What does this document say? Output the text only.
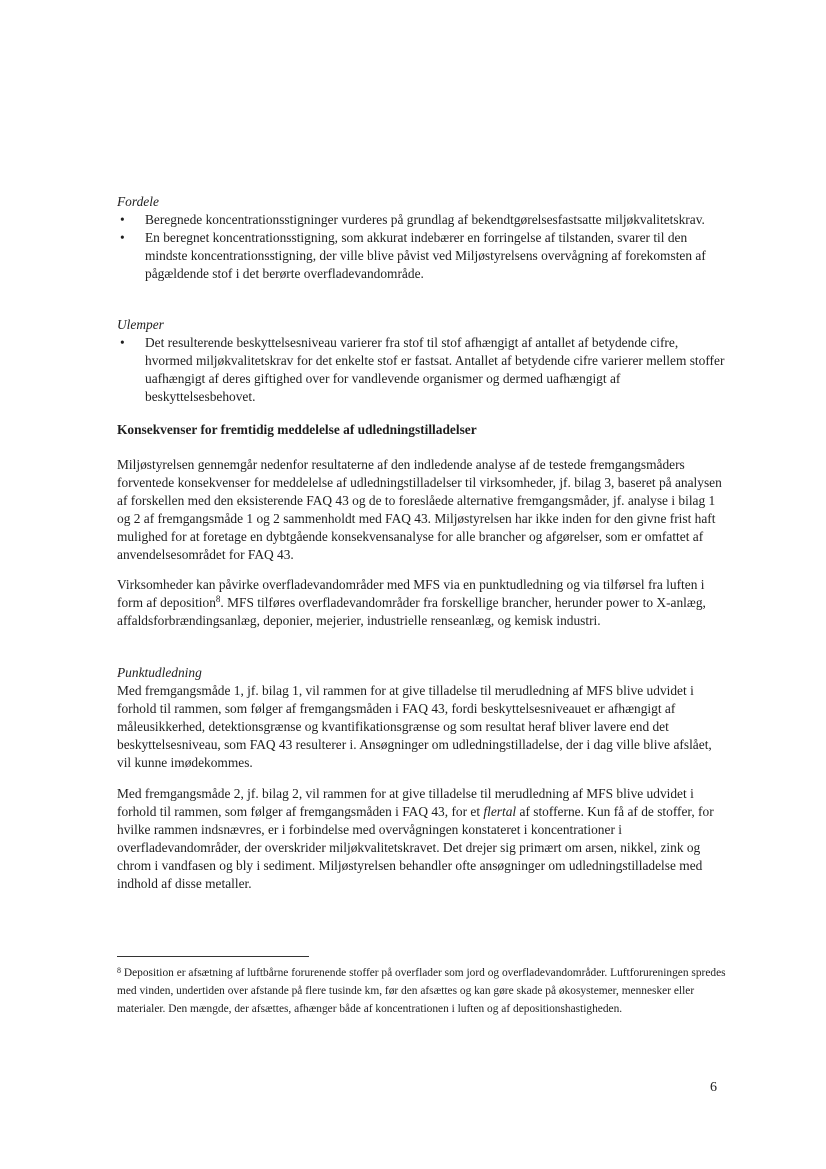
Fordele
• Beregnede koncentrationsstigninger vurderes på grundlag af bekendtgørelsesfastsatte miljøkvalitetskrav.
• En beregnet koncentrationsstigning, som akkurat indebærer en forringelse af tilstanden, svarer til den mindste koncentrationsstigning, der ville blive påvist ved Miljøstyrelsens overvågning af forekomsten af pågældende stof i det berørte overfladevandområde.
Ulemper
• Det resulterende beskyttelsesniveau varierer fra stof til stof afhængigt af antallet af betydende cifre, hvormed miljøkvalitetskrav for det enkelte stof er fastsat. Antallet af betydende cifre varierer mellem stoffer uafhængigt af deres giftighed over for vandlevende organismer og dermed uafhængigt af beskyttelsesbehovet.
Konsekvenser for fremtidig meddelelse af udledningstilladelser

Miljøstyrelsen gennemgår nedenfor resultaterne af den indledende analyse af de testede fremgangsmåders forventede konsekvenser for meddelelse af udledningstilladelser til virksomheder, jf. bilag 3, baseret på analysen af forskellen med den eksisterende FAQ 43 og de to foreslåede alternative fremgangsmåder, jf. analyse i bilag 1 og 2 af fremgangsmåde 1 og 2 sammenholdt med FAQ 43. Miljøstyrelsen har ikke inden for den givne frist haft mulighed for at foretage en dybtgående konsekvensanalyse for alle brancher og afgørelser, som er omfattet af anvendelsesområdet for FAQ 43.

Virksomheder kan påvirke overfladevandområder med MFS via en punktudledning og via tilførsel fra luften i form af deposition$^8$. MFS tilføres overfladevandområder fra forskellige brancher, herunder power to X-anlæg, affaldsforbrændingsanlæg, deponier, mejerier, industrielle renseanlæg, og kemisk industri.

Punktudledning

Med fremgangsmåde 1, jf. bilag 1, vil rammen for at give tilladelse til merudledning af MFS blive udvidet i forhold til rammen, som følger af fremgangsmåden i FAQ 43, fordi beskyttelsesniveauet er afhængigt af måleusikkerhed, detektionsgrænse og kvantifikationsgrænse og som resultat heraf bliver lavere end det beskyttelsesniveau, som FAQ 43 resulterer i. Ansøgninger om udledningstilladelse, der i dag ville blive afslået, vil kunne imødekommes.

Med fremgangsmåde 2, jf. bilag 2, vil rammen for at give tilladelse til merudledning af MFS blive udvidet i forhold til rammen, som følger af fremgangsmåden i FAQ 43, for et flertal af stofferne. Kun få af de stoffer, for hvilke rammen indsnævres, er i forbindelse med overvågningen konstateret i koncentrationer i overfladevandområder, der overskrider miljøkvalitetskravet. Det drejer sig primært om arsen, nikkel, zink og chrom i vandfasen og bly i sediment. Miljøstyrelsen behandler ofte ansøgninger om udledningstilladelse med indhold af disse metaller.

$^8$ Deposition er afsætning af luftbårne forurenende stoffer på overflader som jord og overfladevandområder. Luftforureningen spredes med vinden, undertiden over afstande på flere tusinde km, før den afsættes og kan gøre skade på økosystemer, mennesker eller materialer. Den mængde, der afsættes, afhænger både af koncentrationen i luften og af depositionshastigheden.
6
